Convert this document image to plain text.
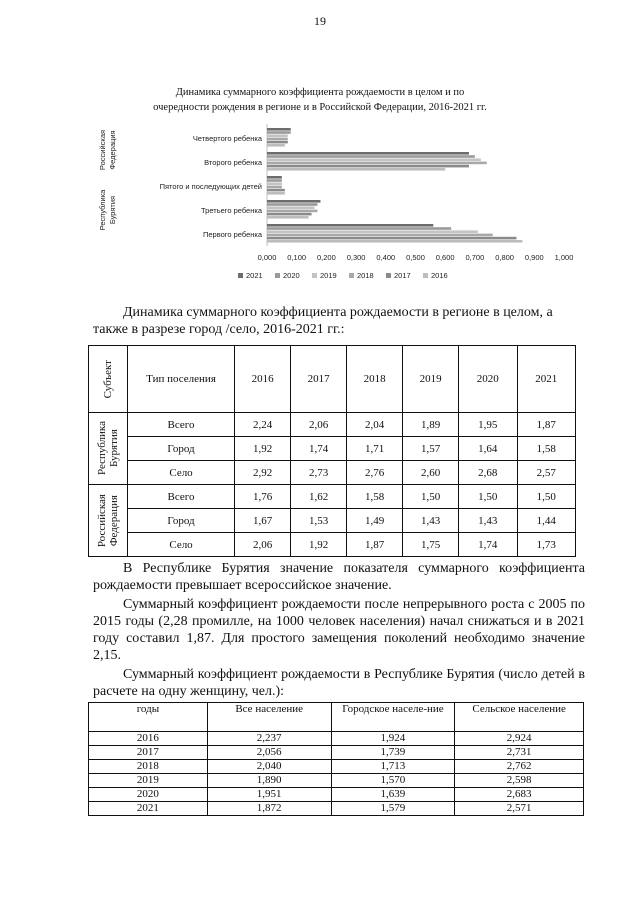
19
Динамика суммарного коэффициента рождаемости в целом и по
очередности рождения в регионе и в Российской Федерации, 2016-2021 гг.
Четвертого ребенка
Второго ребенка
Пятого и последующих детей
Третьего ребенка
Первого ребенка
Российская Федерация
Республика Бурятия
0,000 0,100 0,200 0,300 0,400 0,500 0,600 0,700 0,800 0,900 1,000
2021	2020	2019	2018	2017	2016
Динамика суммарного коэффициента рождаемости в регионе в целом, а также в разрезе город /село, 2016-2021 гг.:
Субъект	Тип поселения	2016	2017	2018	2019	2020	2021

Республика
Бурятия	Всего	2,24	2,06	2,04	1,89	1,95	1,87
	Город	1,92	1,74	1,71	1,57	1,64	1,58
	Село	2,92	2,73	2,76	2,60	2,68	2,57

Российская
Федерация	Всего	1,76	1,62	1,58	1,50	1,50	1,50
	Город	1,67	1,53	1,49	1,43	1,43	1,44
	Село	2,06	1,92	1,87	1,75	1,74	1,73
В Республике Бурятия значение показателя суммарного коэффициента рождаемости превышает всероссийское значение.
Суммарный коэффициент рождаемости после непрерывного роста с 2005 по 2015 годы (2,28 промилле, на 1000 человек населения) начал снижаться и в 2021 году составил 1,87. Для простого замещения поколений необходимо значение 2,15.
Суммарный коэффициент рождаемости в Республике Бурятия (число детей в расчете на одну женщину, чел.):
годы	Все население	Городское населе-ние	Сельское население
2016	2,237	1,924	2,924
2017	2,056	1,739	2,731
2018	2,040	1,713	2,762
2019	1,890	1,570	2,598
2020	1,951	1,639	2,683
2021	1,872	1,579	2,571
